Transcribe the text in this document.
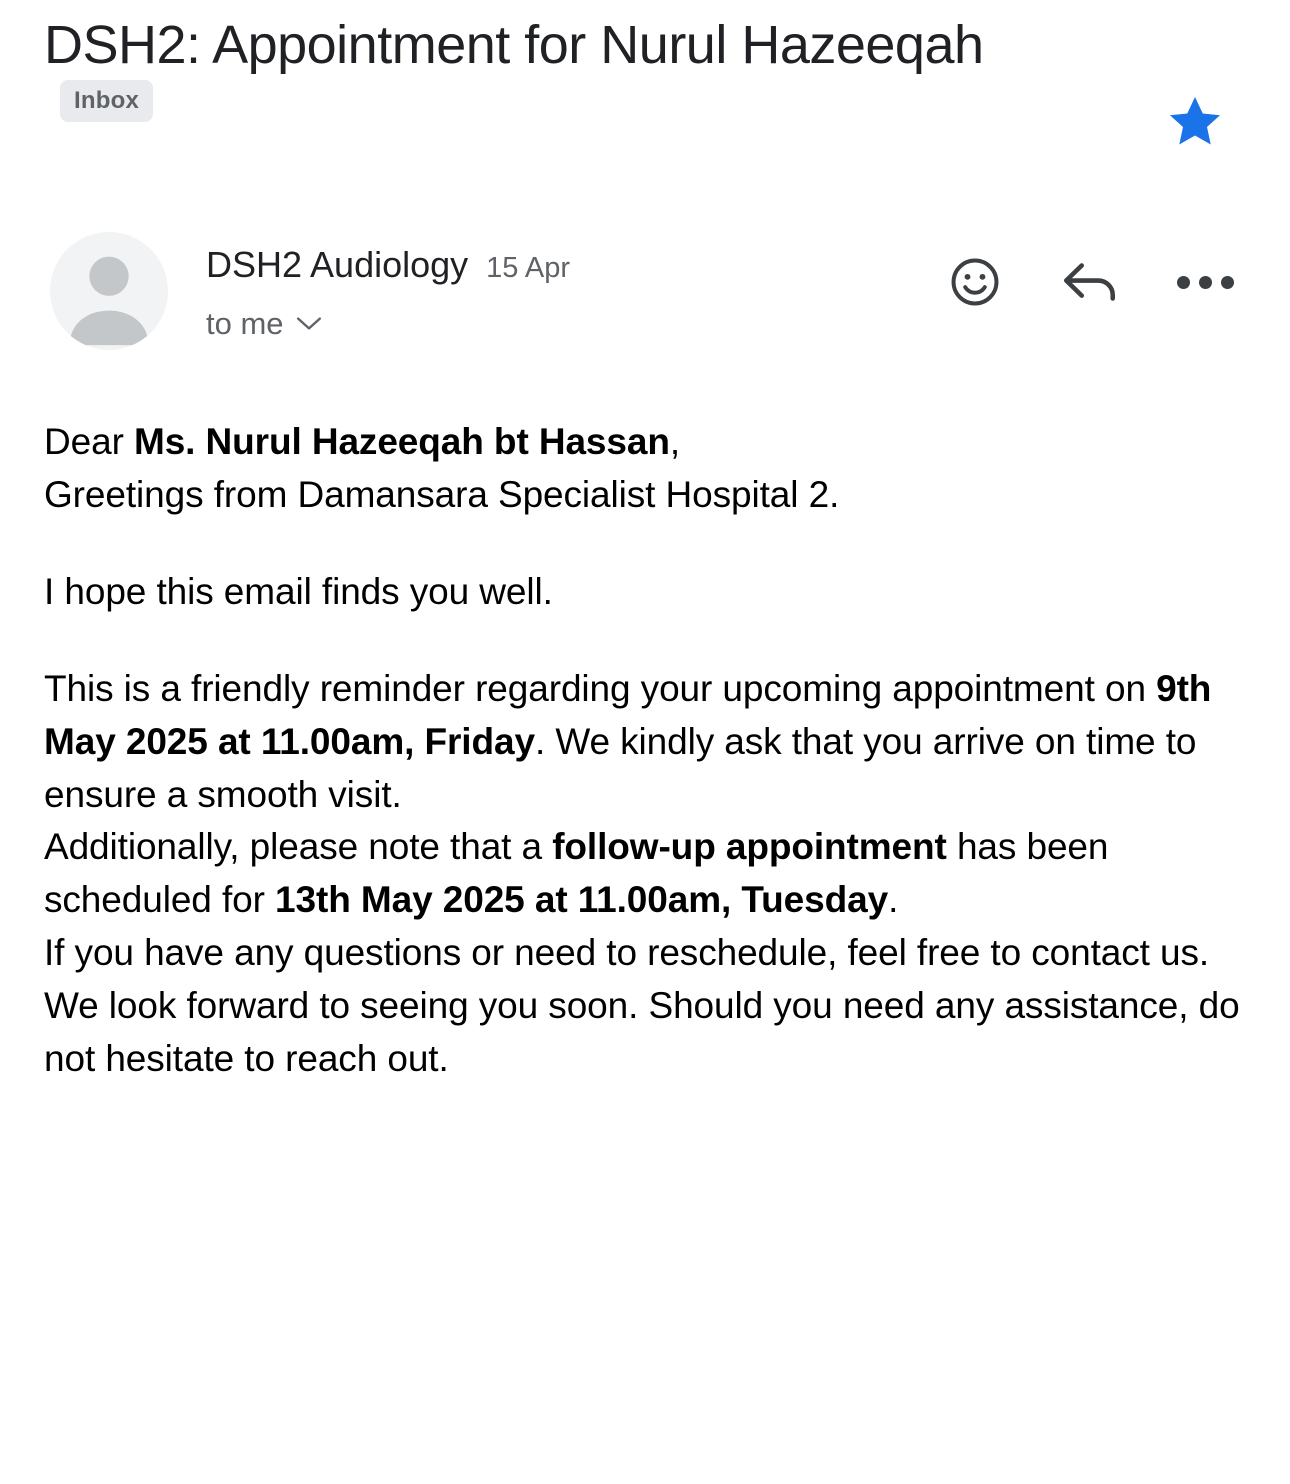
DSH2: Appointment for Nurul HazeeqahInbox
DSH2 Audiology 15 Apr
to me

Dear Ms. Nurul Hazeeqah bt Hassan,

Greetings from Damansara Specialist Hospital 2.

I hope this email finds you well.

This is a friendly reminder regarding your upcoming appointment on 9th May 2025 at 11.00am, Friday. We kindly ask that you arrive on time to ensure a smooth visit.

Additionally, please note that a follow-up appointment has been scheduled for 13th May 2025 at 11.00am, Tuesday.

If you have any questions or need to reschedule, feel free to contact us.

We look forward to seeing you soon. Should you need any assistance, do not hesitate to reach out.
